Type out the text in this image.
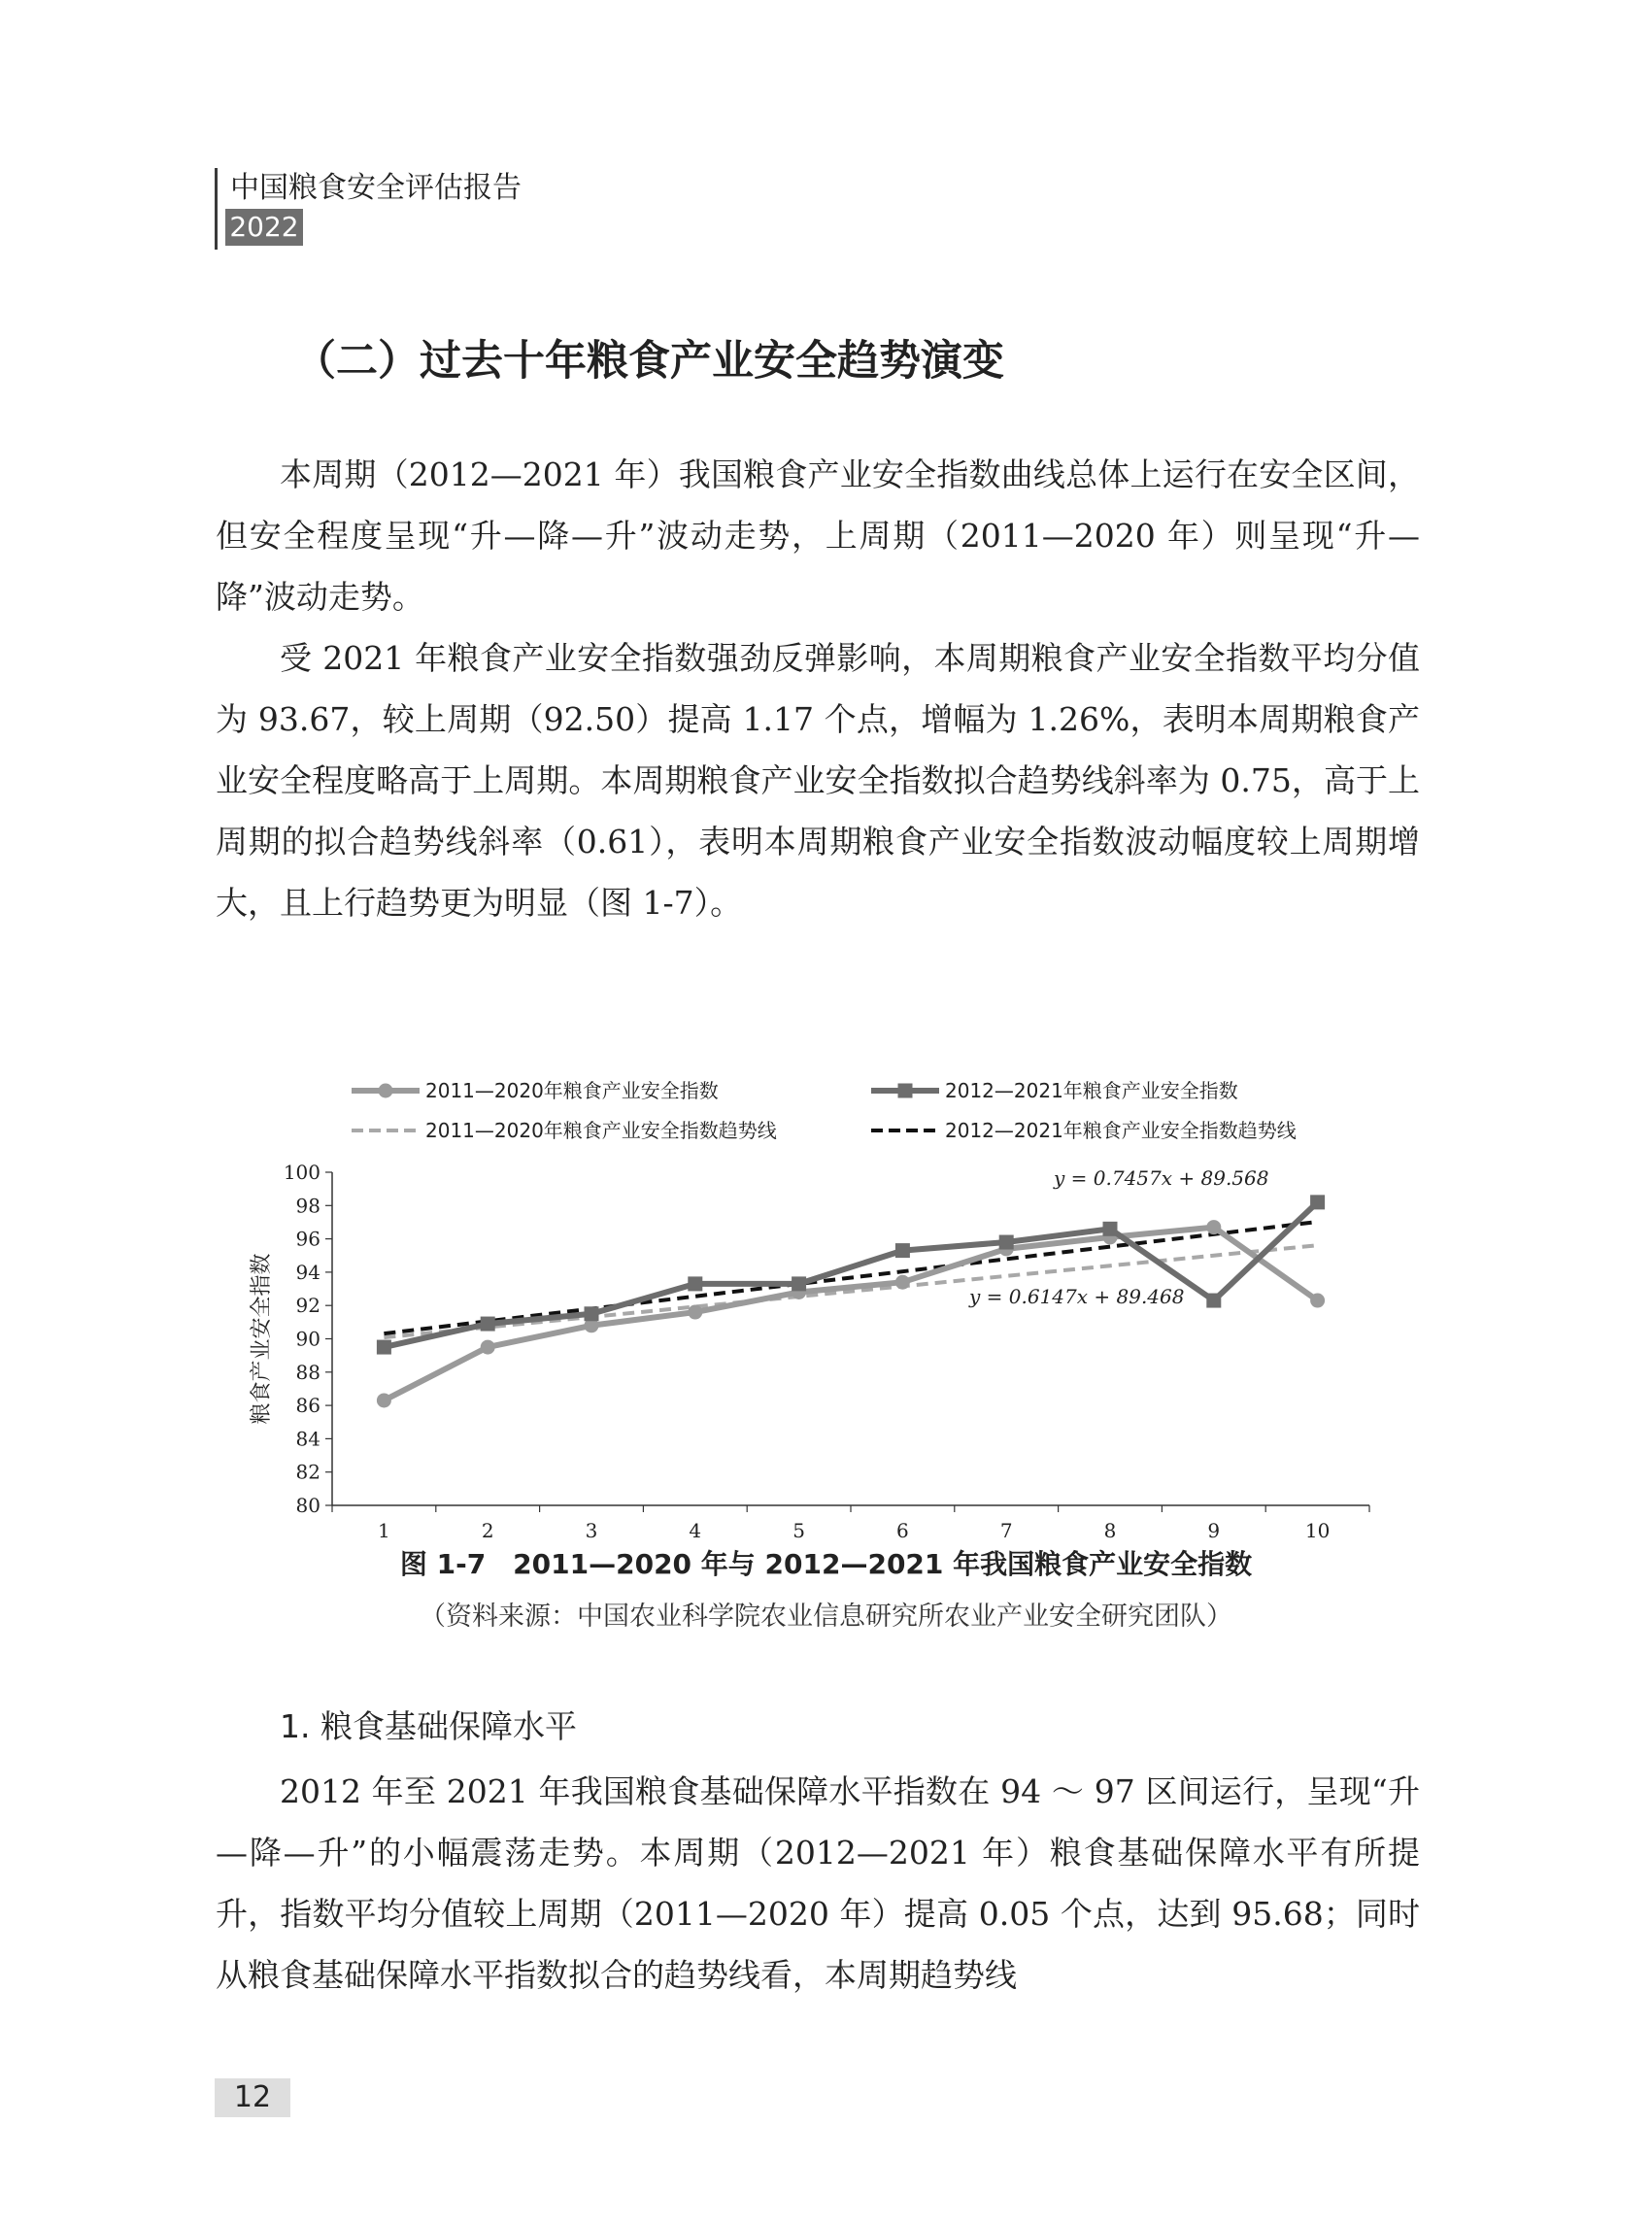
中国粮食安全评估报告
2022
（二）过去十年粮食产业安全趋势演变

本周期（2012—2021 年）我国粮食产业安全指数曲线总体上运行在安全区间，但安全程度呈现“升—降—升”波动走势，上周期（2011—2020 年）则呈现“升—降”波动走势。

受 2021 年粮食产业安全指数强劲反弹影响，本周期粮食产业安全指数平均分值为 93.67，较上周期（92.50）提高 1.17 个点，增幅为 1.26%，表明本周期粮食产业安全程度略高于上周期。本周期粮食产业安全指数拟合趋势线斜率为 0.75，高于上周期的拟合趋势线斜率（0.61），表明本周期粮食产业安全指数波动幅度较上周期增大，且上行趋势更为明显（图 1-7）。

80
82
84
86
88
90
92
94
96
98
100
1	2	3	4	5	6	7	8	9	10
粮食产业安全指数
y = 0.7457x + 89.568
y = 0.6147x + 89.468
2011—2020年粮食产业安全指数	2012—2021年粮食产业安全指数
2011—2020年粮食产业安全指数趋势线	2012—2021年粮食产业安全指数趋势线
图 1-7　2011—2020 年与 2012—2021 年我国粮食产业安全指数
（资料来源：中国农业科学院农业信息研究所农业产业安全研究团队）
1. 粮食基础保障水平

2012 年至 2021 年我国粮食基础保障水平指数在 94 ～ 97 区间运行，呈现“升—降—升”的小幅震荡走势。本周期（2012—2021 年）粮食基础保障水平有所提升，指数平均分值较上周期（2011—2020 年）提高 0.05 个点，达到 95.68；同时从粮食基础保障水平指数拟合的趋势线看，本周期趋势线

12
